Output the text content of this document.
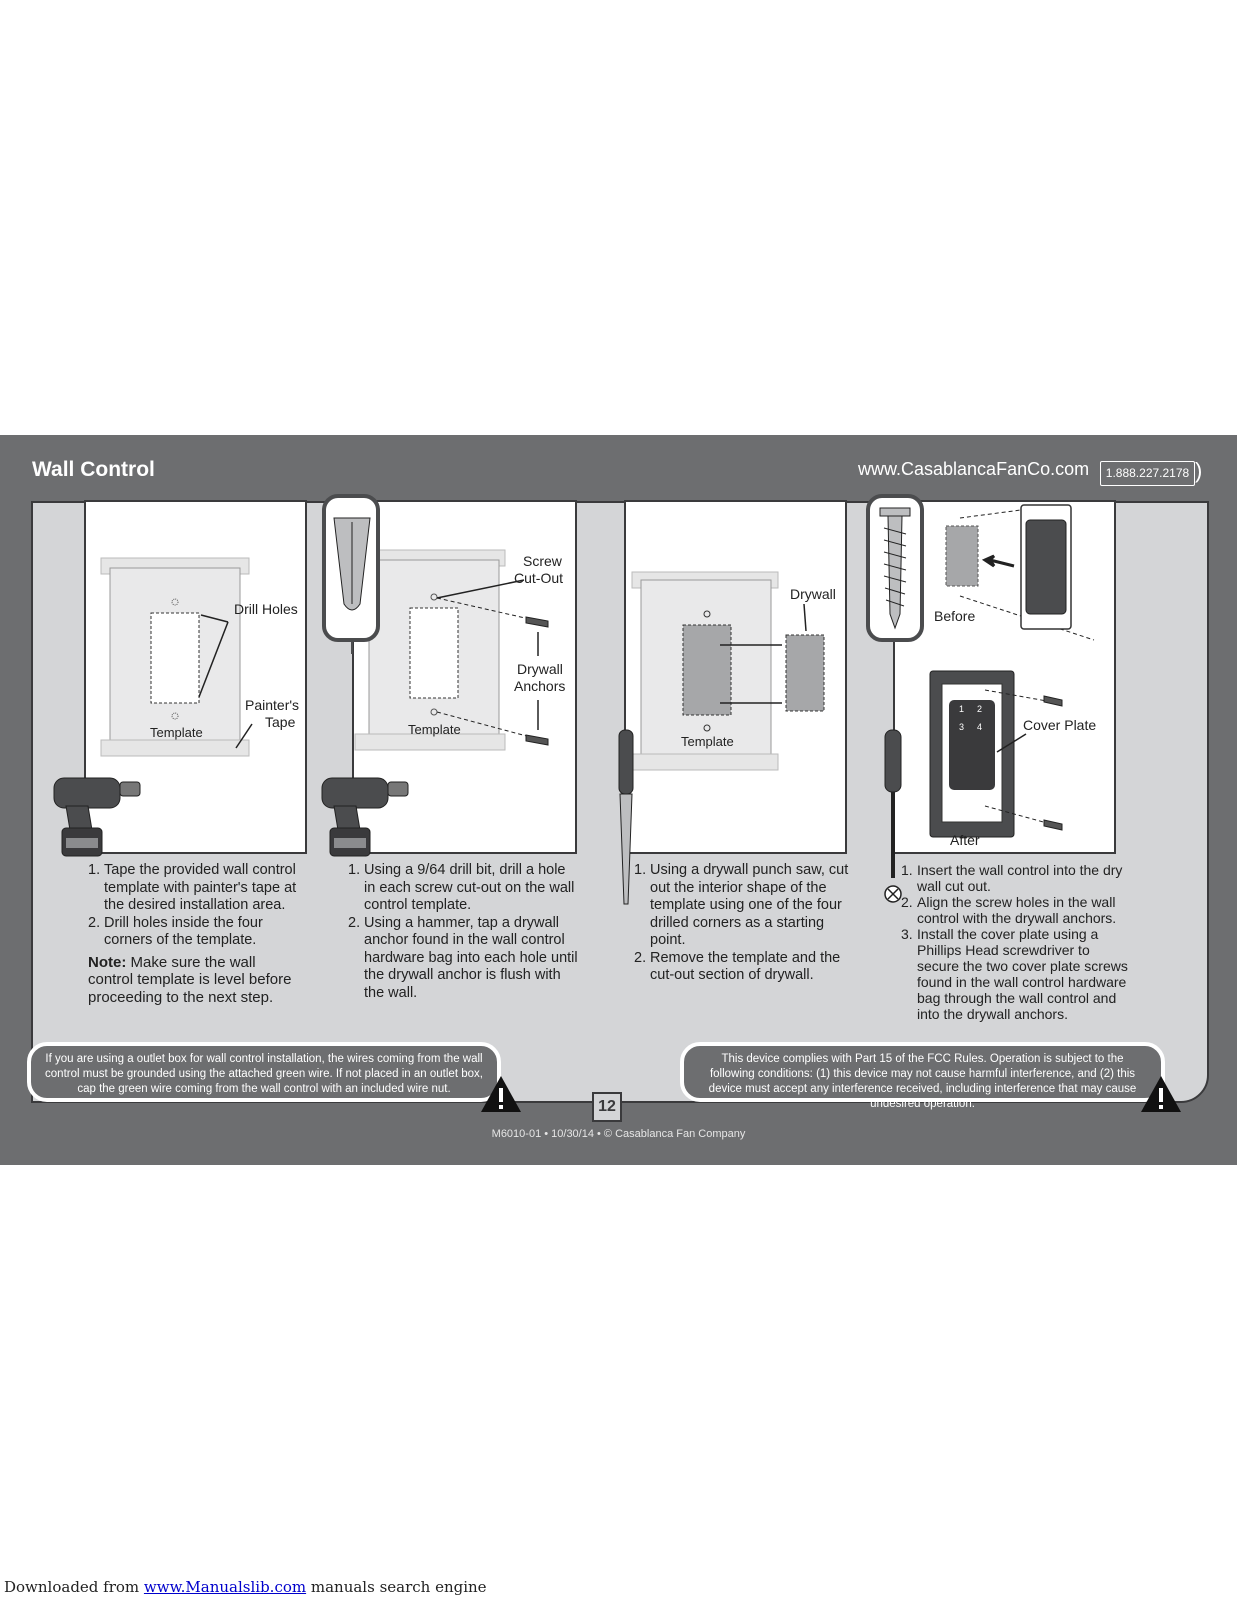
Wall Control	www.CasablancaFanCo.com	1.888.227.2178 )
Drill Holes
Painter's
Tape
Template
1. Tape the provided wall control template with painter's tape at the desired installation area.
2. Drill holes inside the four corners of the template.
Note: Make sure the wall control template is level before proceeding to the next step.
Screw
Cut-Out
Drywall
Anchors
Template
1. Using a 9/64 drill bit, drill a hole in each screw cut-out on the wall control template.
2. Using a hammer, tap a drywall anchor found in the wall control hardware bag into each hole until the drywall anchor is flush with the wall.
Drywall
Template
1. Using a drywall punch saw, cut out the interior shape of the template using one of the four drilled corners as a starting point.
2. Remove the template and the cut-out section of drywall.
1 2
3 4
Before
Cover Plate
After
1. Insert the wall control into the dry wall cut out.
2. Align the screw holes in the wall control with the drywall anchors.
3. Install the cover plate using a Phillips Head screwdriver to secure the two cover plate screws found in the wall control hardware bag through the wall control and into the drywall anchors.
If you are using a outlet box for wall control installation, the wires coming from the wall control must be grounded using the attached green wire. If not placed in an outlet box, cap the green wire coming from the wall control with an included wire nut.
This device complies with Part 15 of the FCC Rules. Operation is subject to the following conditions: (1) this device may not cause harmful interference, and (2) this device must accept any interference received, including interference that may cause undesired operation.
12
M6010-01 • 10/30/14 • © Casablanca Fan Company
Downloaded from www.Manualslib.com manuals search engine
